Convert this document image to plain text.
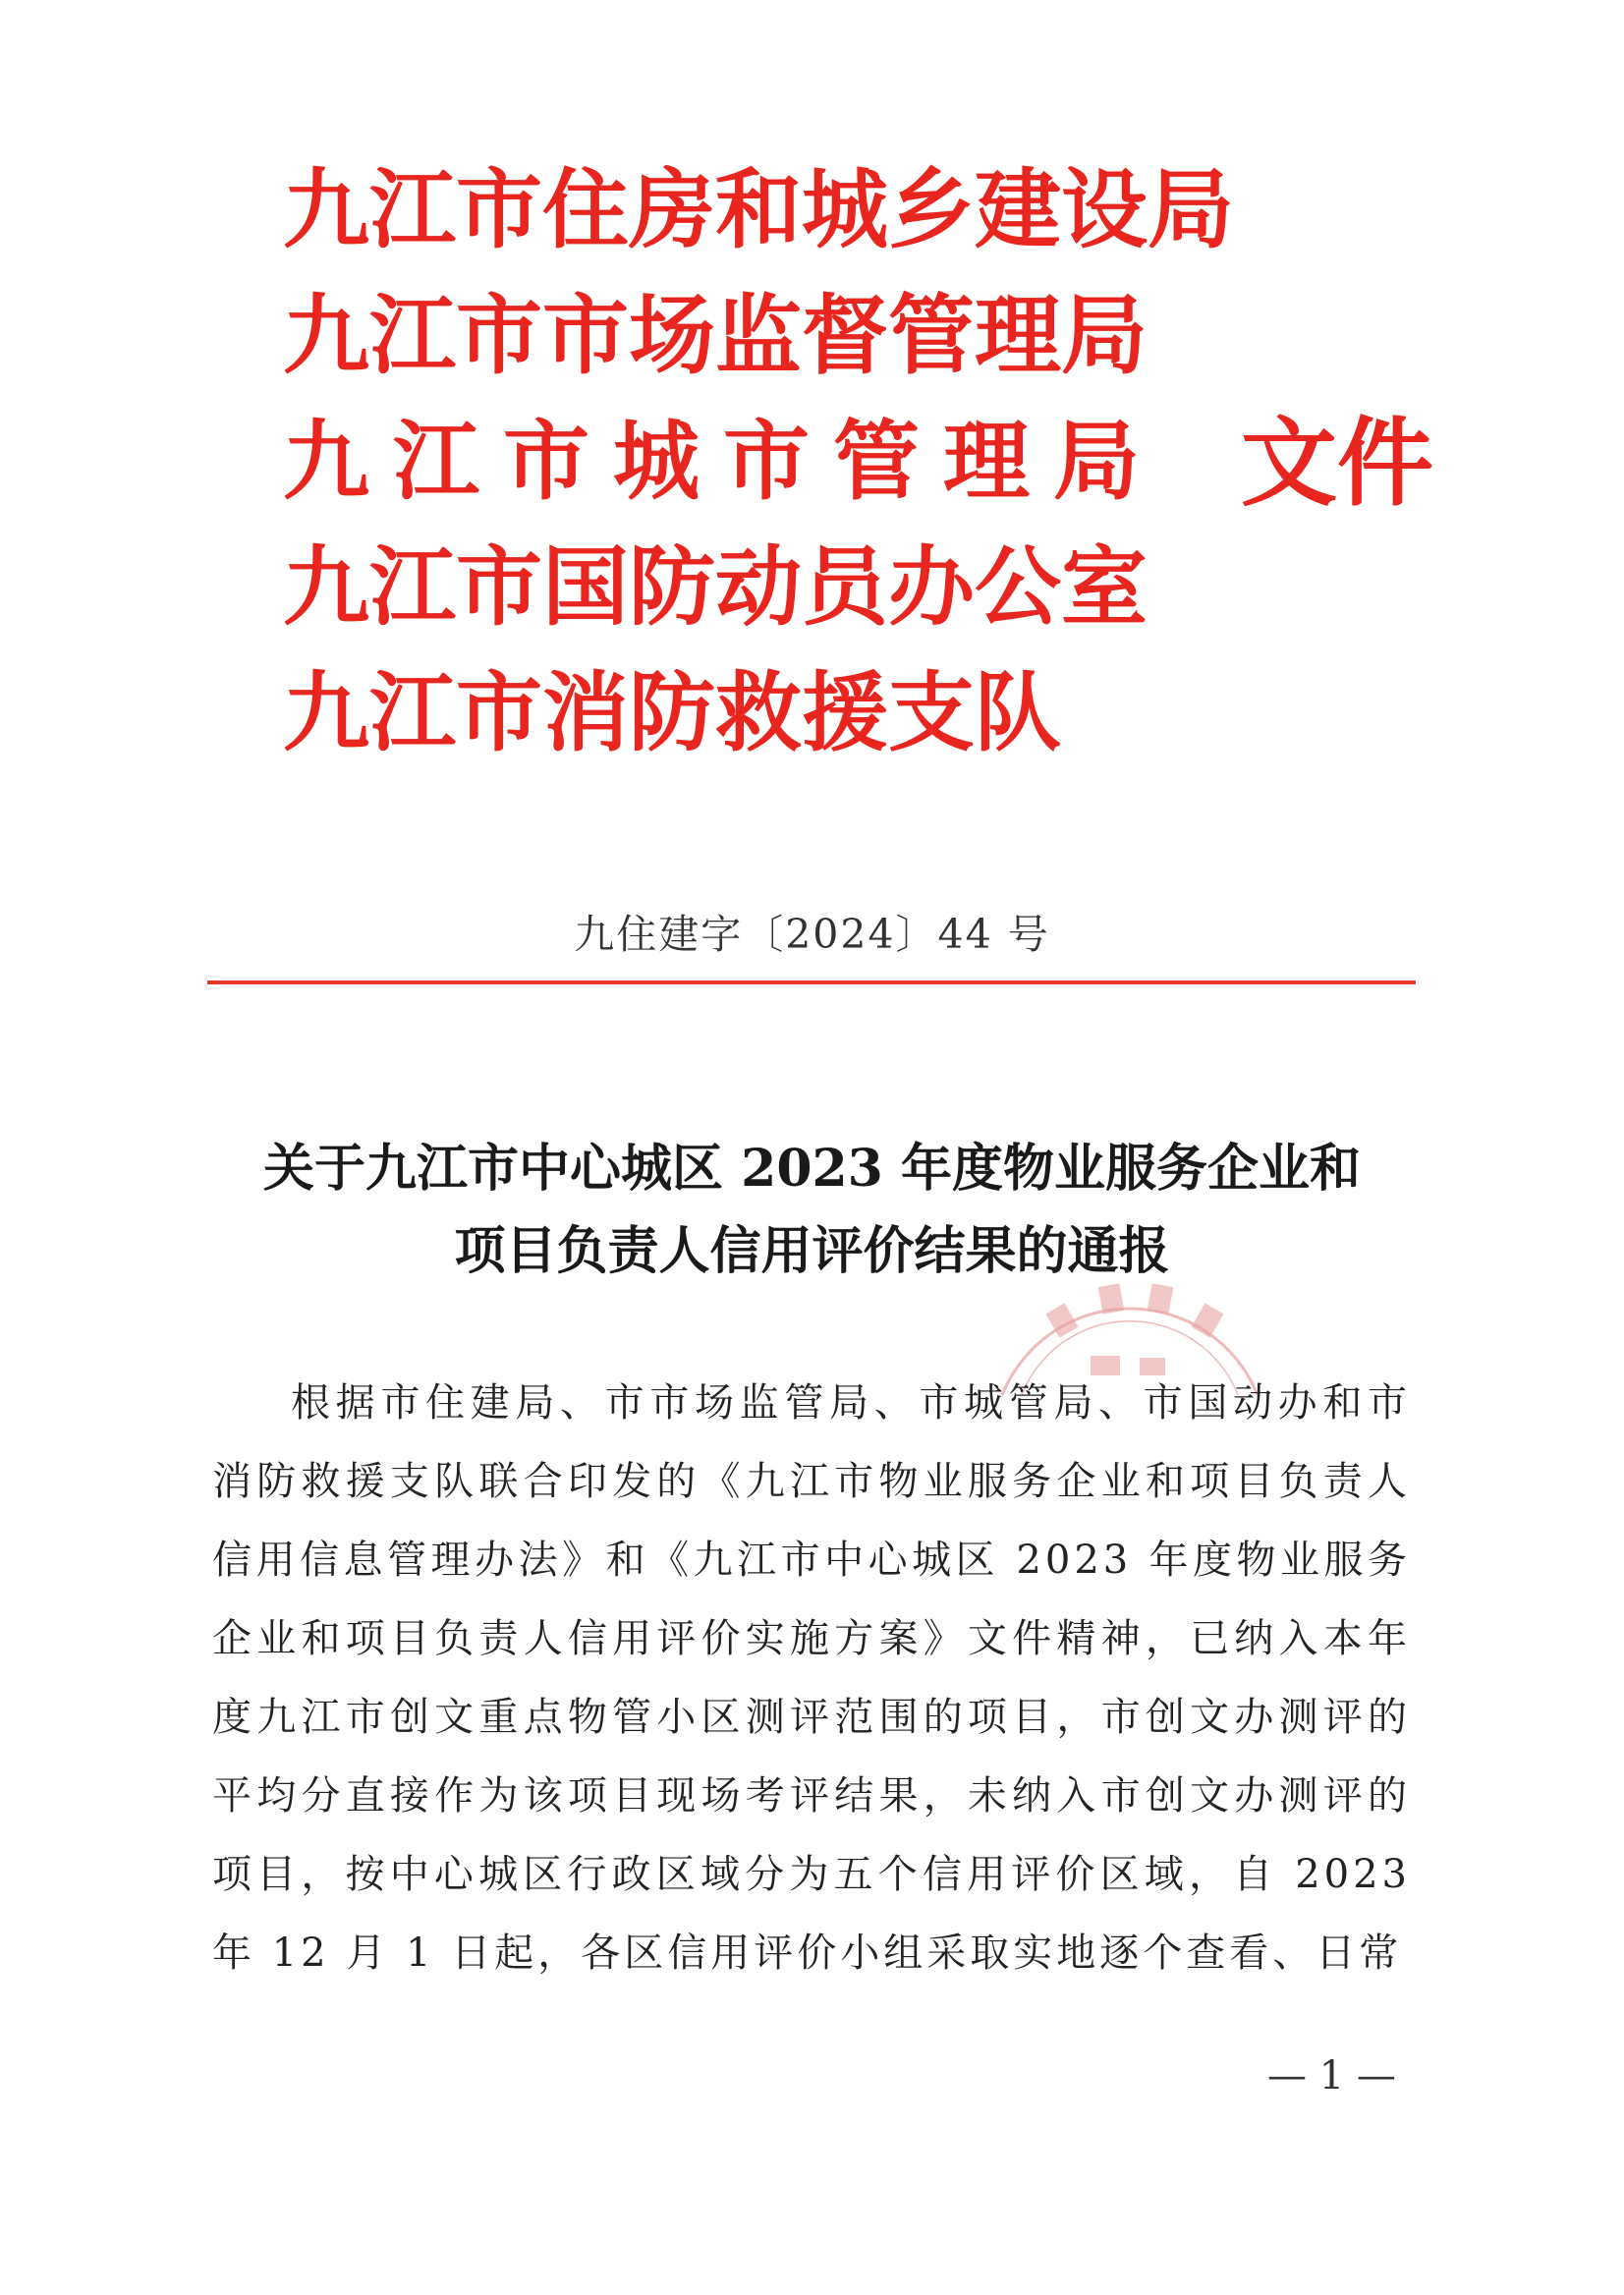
九江市住房和城乡建设局
九江市市场监督管理局
九江市城市管理局
九江市国防动员办公室
九江市消防救援支队
文件
九住建字〔2024〕44 号
关于九江市中心城区 2023 年度物业服务企业和
项目负责人信用评价结果的通报
根据市住建局、市市场监管局、市城管局、市国动办和市消防救援支队联合印发的《九江市物业服务企业和项目负责人信用信息管理办法》和《九江市中心城区 2023 年度物业服务企业和项目负责人信用评价实施方案》文件精神，已纳入本年度九江市创文重点物管小区测评范围的项目，市创文办测评的平均分直接作为该项目现场考评结果，未纳入市创文办测评的项目，按中心城区行政区域分为五个信用评价区域，自 2023 年 12 月 1 日起，各区信用评价小组采取实地逐个查看、日常
— 1 —
